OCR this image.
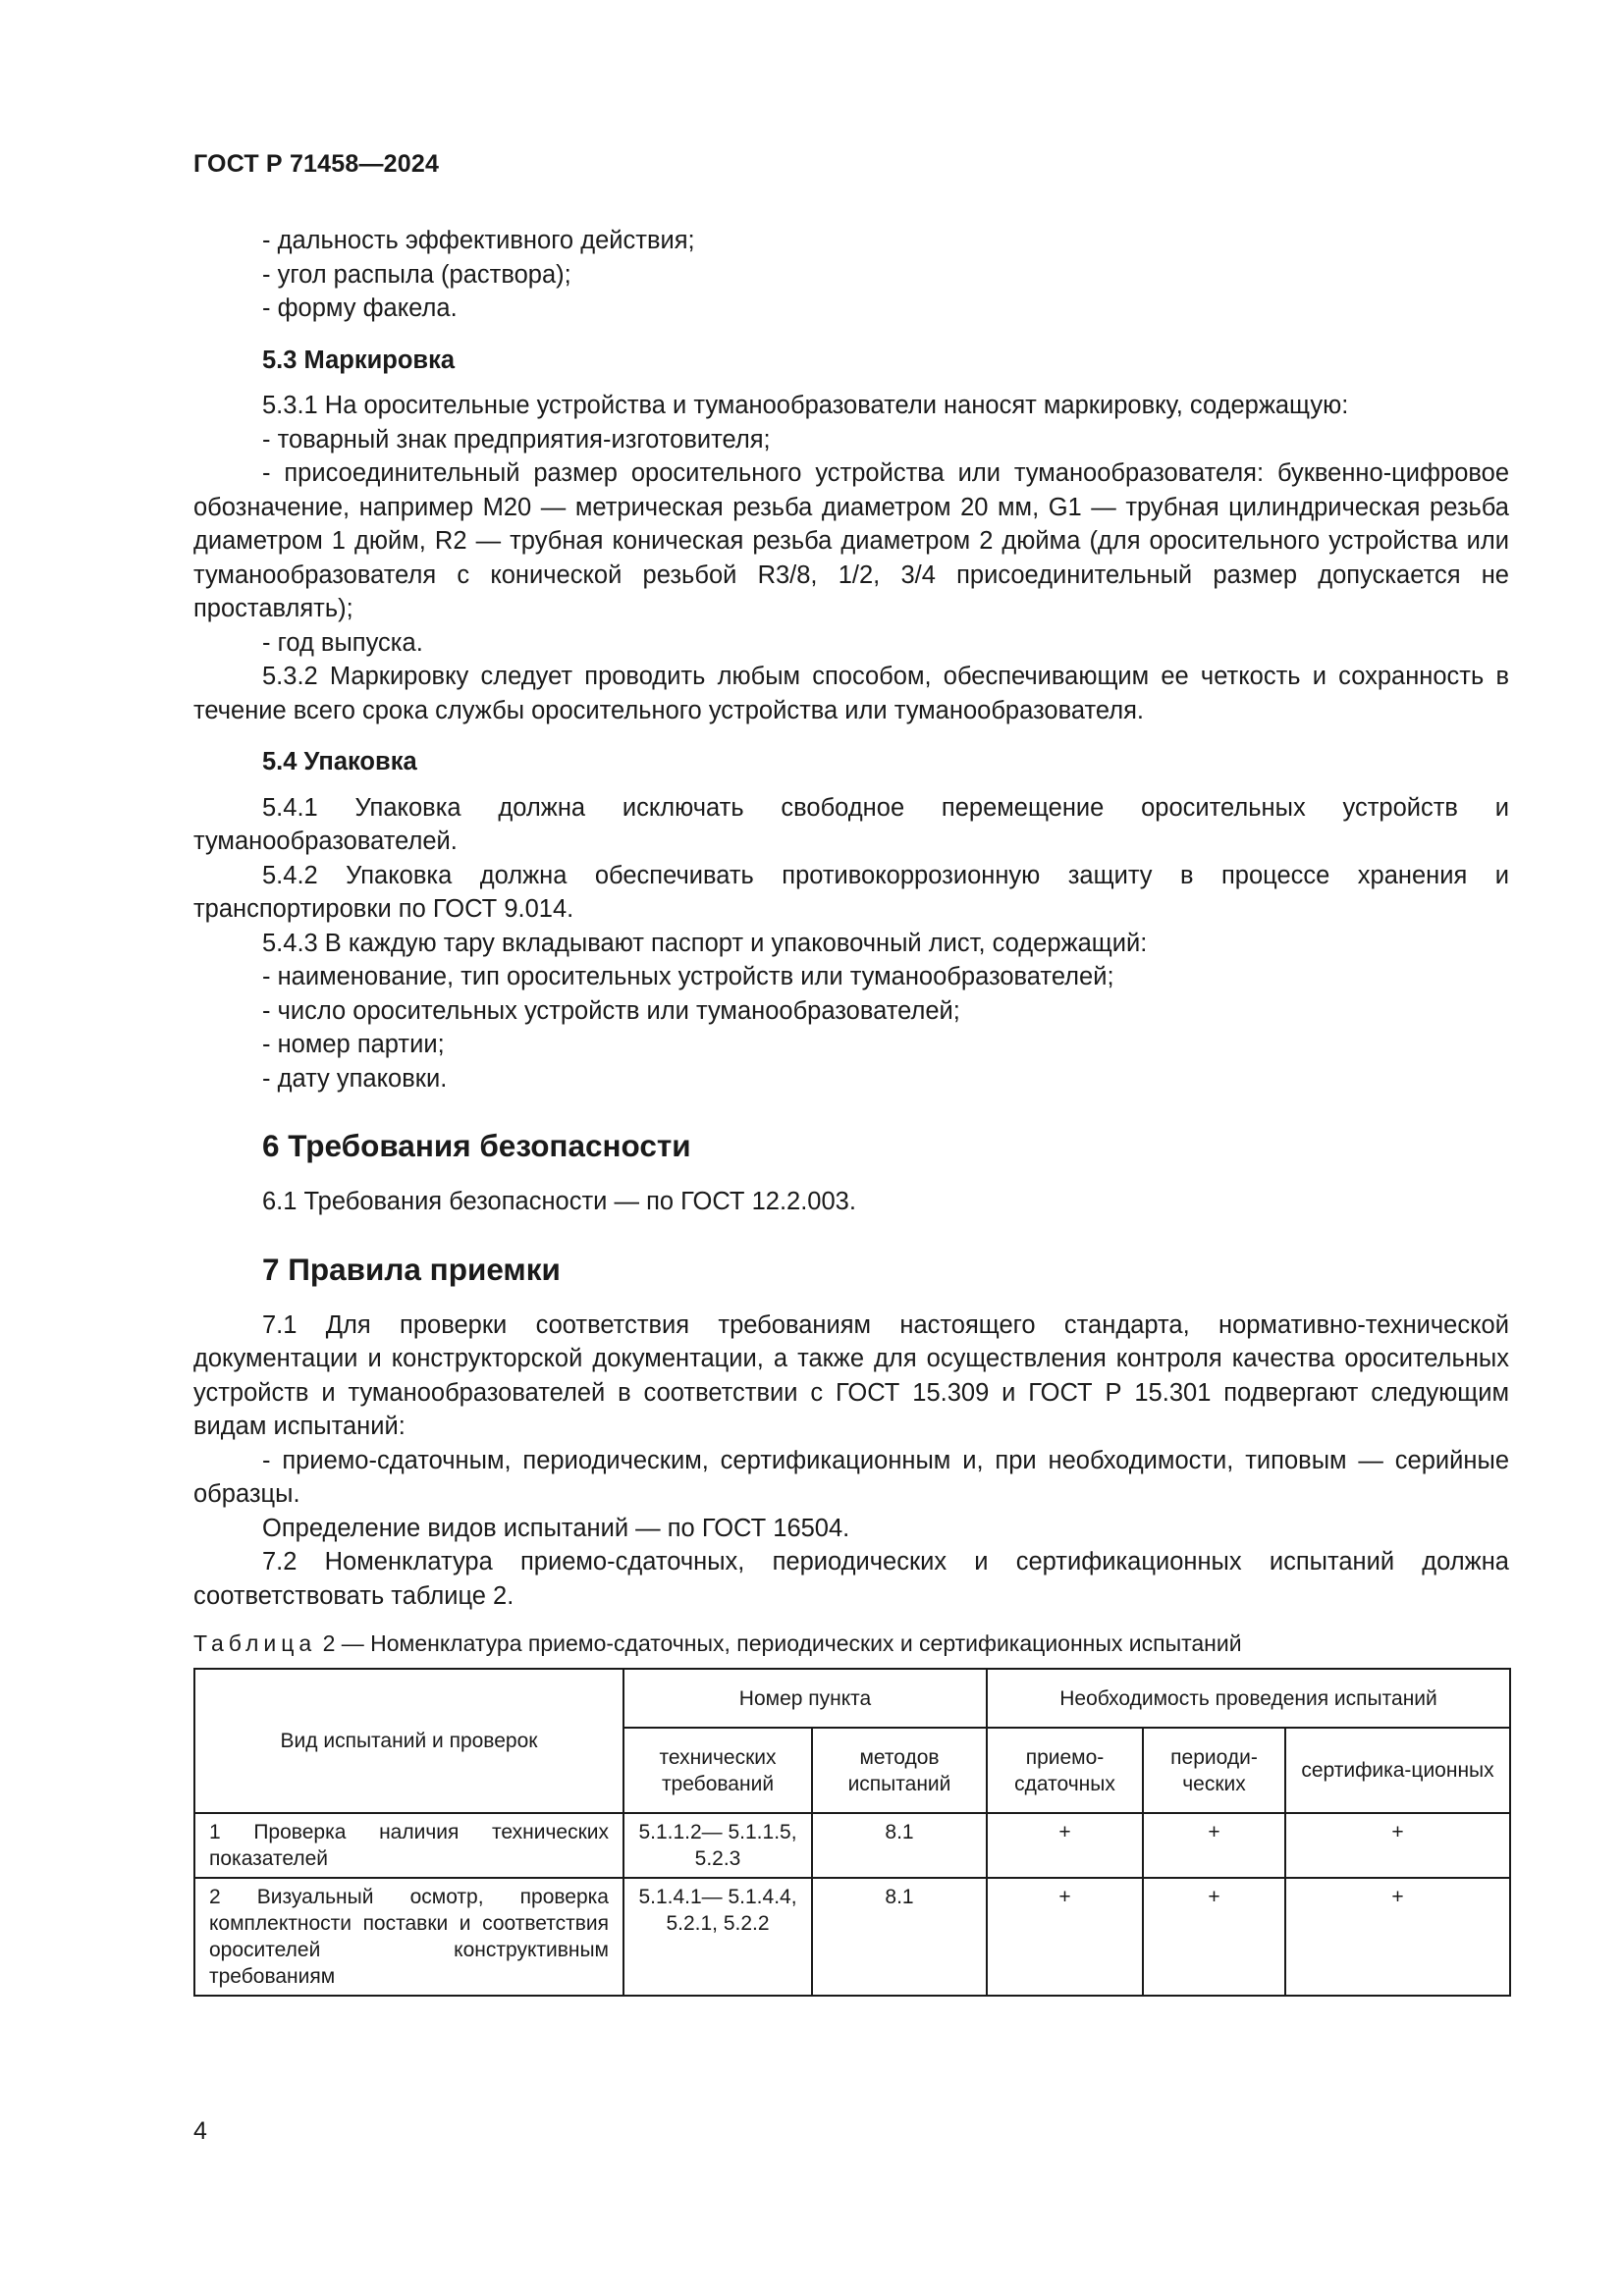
ГОСТ Р 71458—2024

- дальность эффективного действия;

- угол распыла (раствора);

- форму факела.

5.3 Маркировка

5.3.1 На оросительные устройства и туманообразователи наносят маркировку, содержащую:

- товарный знак предприятия-изготовителя;

- присоединительный размер оросительного устройства или туманообразователя: буквенно-цифровое обозначение, например М20 — метрическая резьба диаметром 20 мм, G1 — трубная цилиндрическая резьба диаметром 1 дюйм, R2 — трубная коническая резьба диаметром 2 дюйма (для оросительного устройства или туманообразователя с конической резьбой R3/8, 1/2, 3/4 присоединительный размер допускается не проставлять);

- год выпуска.

5.3.2 Маркировку следует проводить любым способом, обеспечивающим ее четкость и сохранность в течение всего срока службы оросительного устройства или туманообразователя.

5.4 Упаковка

5.4.1 Упаковка должна исключать свободное перемещение оросительных устройств и туманообразователей.

5.4.2 Упаковка должна обеспечивать противокоррозионную защиту в процессе хранения и транспортировки по ГОСТ 9.014.

5.4.3 В каждую тару вкладывают паспорт и упаковочный лист, содержащий:

- наименование, тип оросительных устройств или туманообразователей;

- число оросительных устройств или туманообразователей;

- номер партии;

- дату упаковки.

6 Требования безопасности

6.1 Требования безопасности — по ГОСТ 12.2.003.

7 Правила приемки

7.1 Для проверки соответствия требованиям настоящего стандарта, нормативно-технической документации и конструкторской документации, а также для осуществления контроля качества оросительных устройств и туманообразователей в соответствии с ГОСТ 15.309 и ГОСТ Р 15.301 подвергают следующим видам испытаний:

- приемо-сдаточным, периодическим, сертификационным и, при необходимости, типовым — серийные образцы.

Определение видов испытаний — по ГОСТ 16504.

7.2 Номенклатура приемо-сдаточных, периодических и сертификационных испытаний должна соответствовать таблице 2.

Таблица 2 — Номенклатура приемо-сдаточных, периодических и сертификационных испытаний

Вид испытаний и проверок	Номер пункта		Необходимость проведения испытаний		
	технических требований	методов испытаний	приемо-сдаточных	периоди-ческих	сертифика-ционных
1 Проверка наличия технических показателей	5.1.1.2— 5.1.1.5, 5.2.3	8.1	+	+	+
2 Визуальный осмотр, проверка комплектности поставки и соответствия оросителей конструктивным требованиям	5.1.4.1— 5.1.4.4, 5.2.1, 5.2.2	8.1	+	+	+
4
